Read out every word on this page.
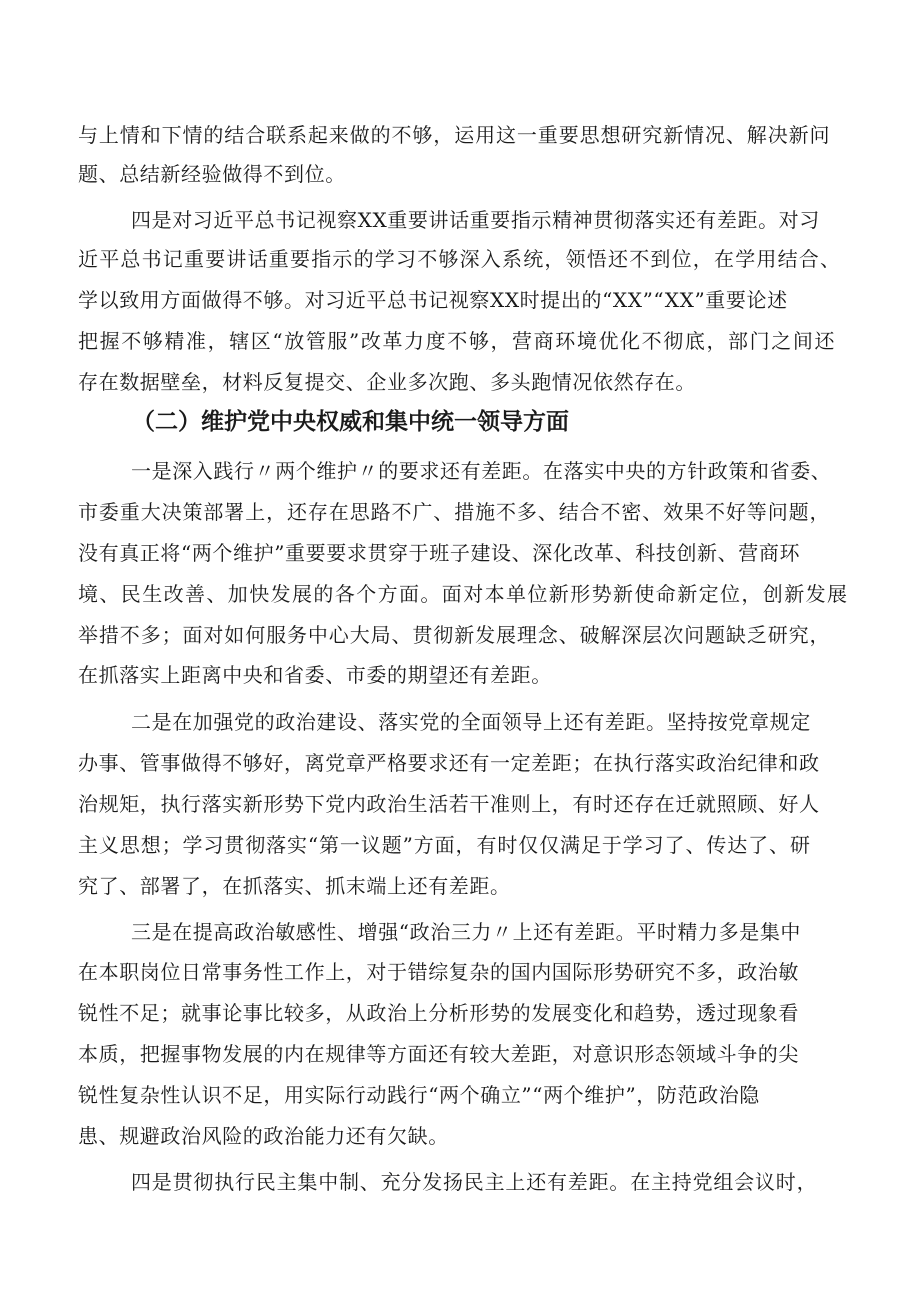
与上情和下情的结合联系起来做的不够，运用这一重要思想研究新情况、解决新问
题、总结新经验做得不到位。
四是对习近平总书记视察XX重要讲话重要指示精神贯彻落实还有差距。对习
近平总书记重要讲话重要指示的学习不够深入系统，领悟还不到位，在学用结合、
学以致用方面做得不够。对习近平总书记视察XX时提出的“XX”“XX”重要论述
把握不够精准，辖区“放管服”改革力度不够，营商环境优化不彻底，部门之间还
存在数据壁垒，材料反复提交、企业多次跑、多头跑情况依然存在。
（二）维护党中央权威和集中统一领导方面
一是深入践行〃两个维护〃的要求还有差距。在落实中央的方针政策和省委、
市委重大决策部署上，还存在思路不广、措施不多、结合不密、效果不好等问题，
没有真正将“两个维护”重要要求贯穿于班子建设、深化改革、科技创新、营商环
境、民生改善、加快发展的各个方面。面对本单位新形势新使命新定位，创新发展
举措不多；面对如何服务中心大局、贯彻新发展理念、破解深层次问题缺乏研究，
在抓落实上距离中央和省委、市委的期望还有差距。
二是在加强党的政治建设、落实党的全面领导上还有差距。坚持按党章规定
办事、管事做得不够好，离党章严格要求还有一定差距；在执行落实政治纪律和政
治规矩，执行落实新形势下党内政治生活若干准则上，有时还存在迁就照顾、好人
主义思想；学习贯彻落实“第一议题”方面，有时仅仅满足于学习了、传达了、研
究了、部署了，在抓落实、抓末端上还有差距。
三是在提高政治敏感性、增强“政治三力〃上还有差距。平时精力多是集中
在本职岗位日常事务性工作上，对于错综复杂的国内国际形势研究不多，政治敏
锐性不足；就事论事比较多，从政治上分析形势的发展变化和趋势，透过现象看
本质，把握事物发展的内在规律等方面还有较大差距，对意识形态领域斗争的尖
锐性复杂性认识不足，用实际行动践行“两个确立”“两个维护”，防范政治隐
患、规避政治风险的政治能力还有欠缺。
四是贯彻执行民主集中制、充分发扬民主上还有差距。在主持党组会议时，
